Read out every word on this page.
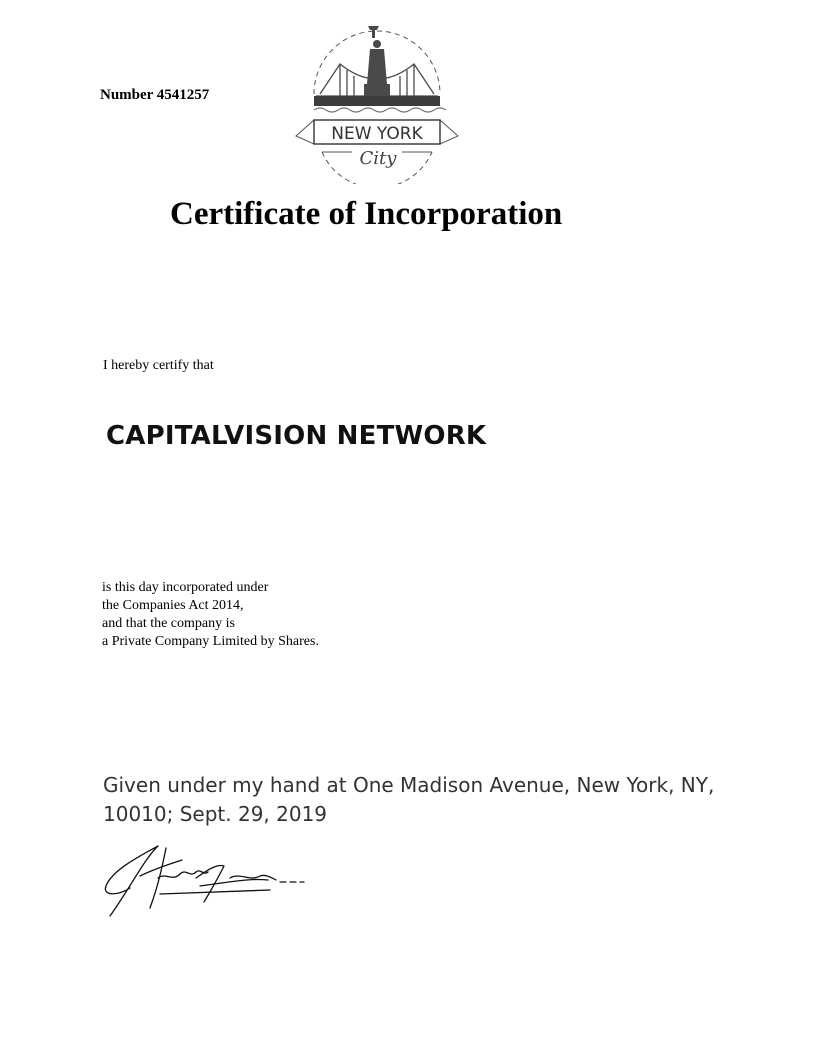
Number 4541257
NEW YORK
City
Certificate of Incorporation
I hereby certify that
CAPITALVISION NETWORK
is this day incorporated under
the Companies Act 2014,
and that the company is
a Private Company Limited by Shares.
Given under my hand at One Madison Avenue, New York, NY,
10010; Sept. 29, 2019
